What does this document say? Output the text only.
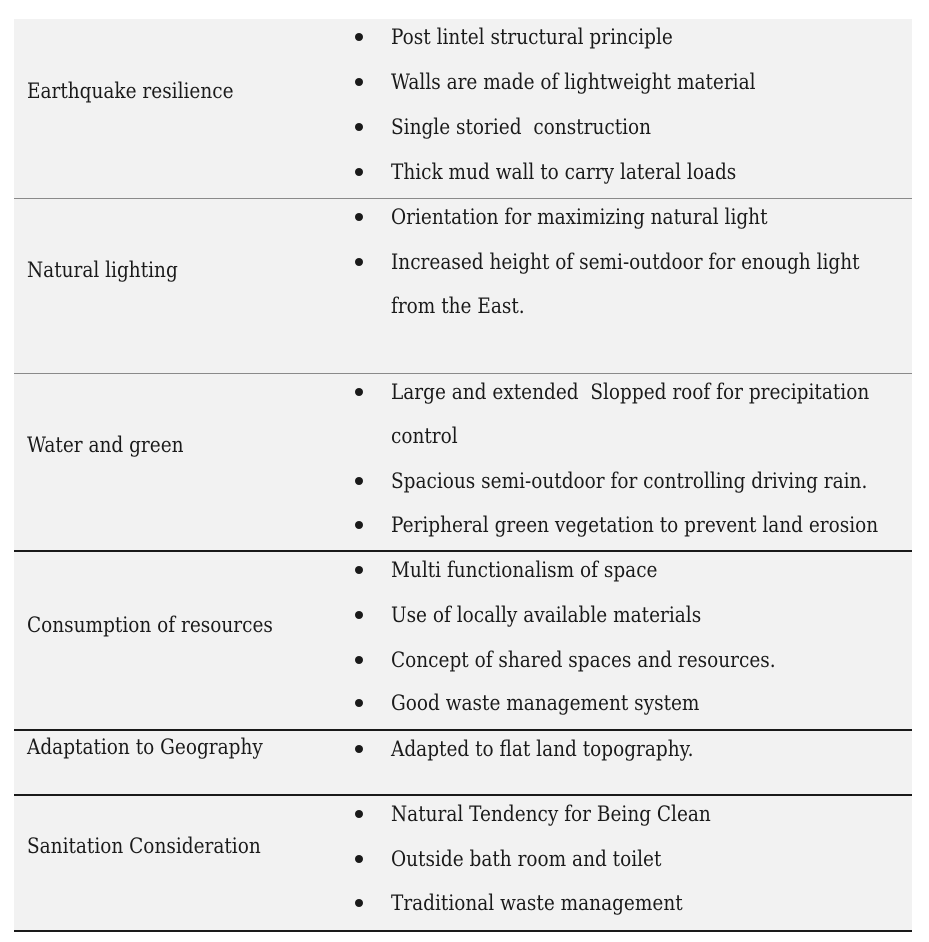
Earthquake resilience
Post lintel structural principle
Walls are made of lightweight material
Single storied  construction
Thick mud wall to carry lateral loads
Natural lighting
Orientation for maximizing natural light
Increased height of semi-outdoor for enough light
from the East.
Water and green
Large and extended  Slopped roof for precipitation
control
Spacious semi-outdoor for controlling driving rain.
Peripheral green vegetation to prevent land erosion
Consumption of resources
Multi functionalism of space
Use of locally available materials
Concept of shared spaces and resources.
Good waste management system
Adaptation to Geography	Adapted to flat land topography.
Sanitation Consideration
Natural Tendency for Being Clean
Outside bath room and toilet
Traditional waste management
